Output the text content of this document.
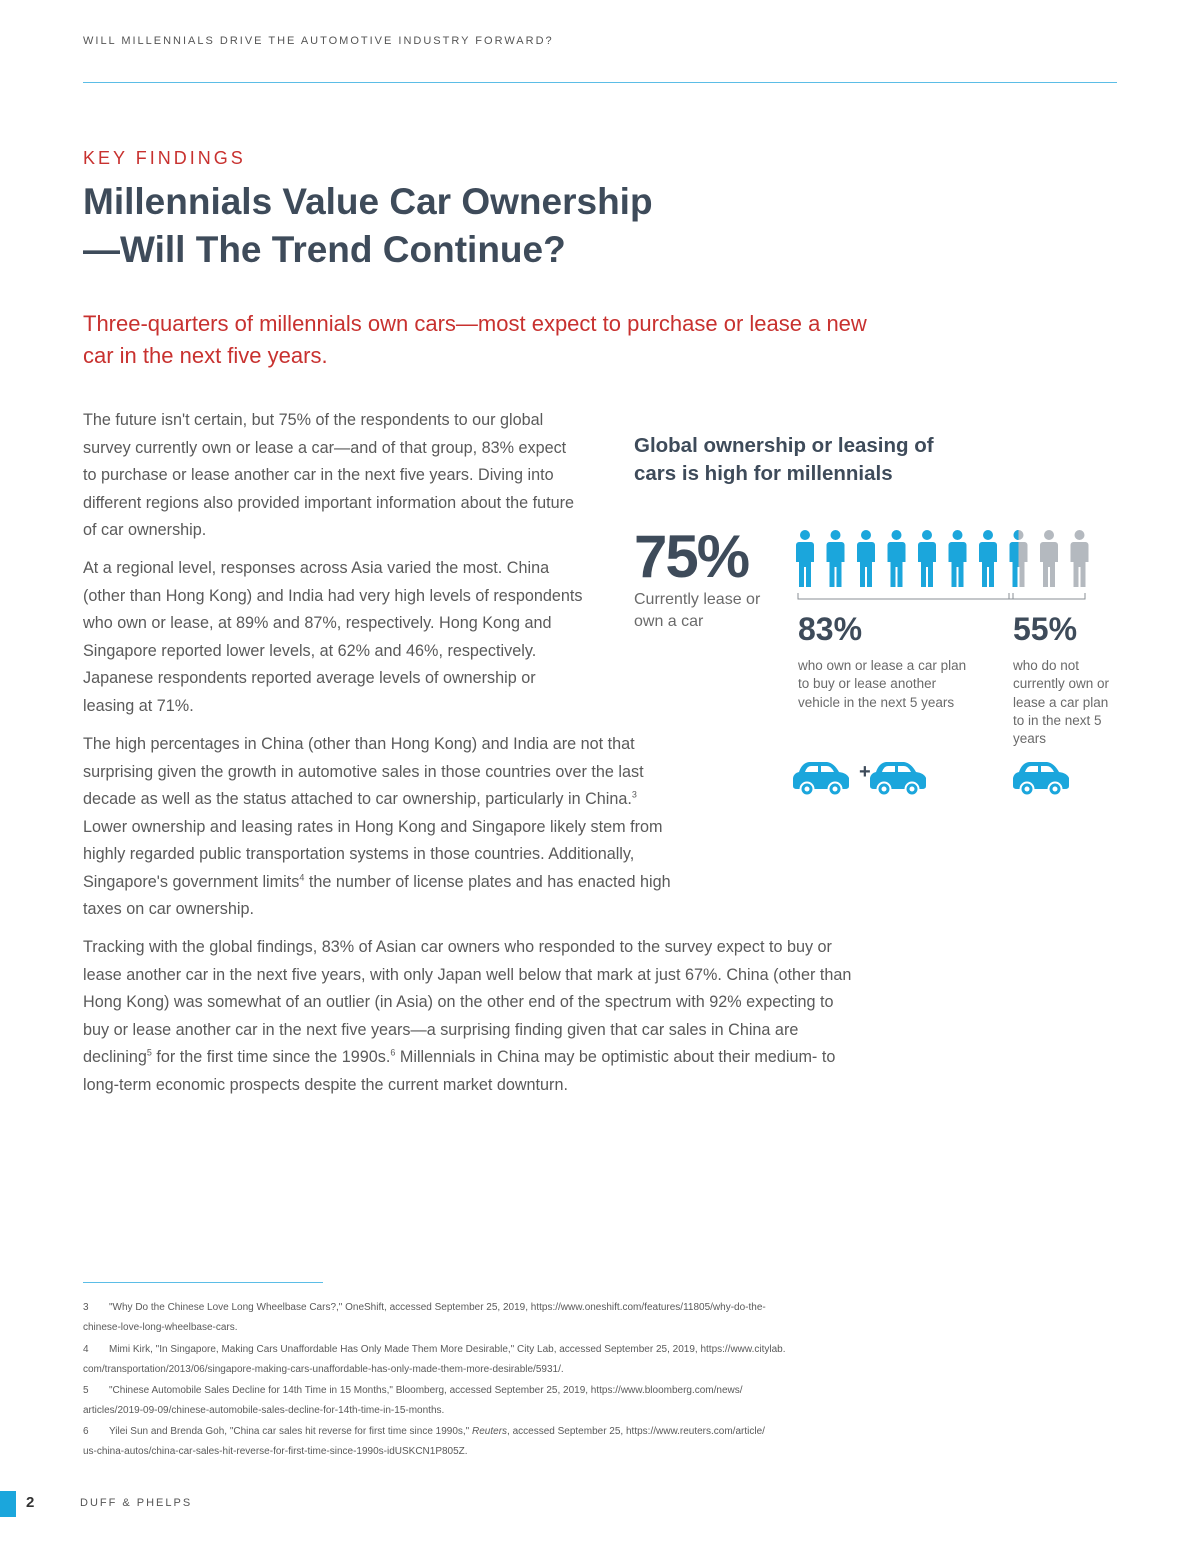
WILL MILLENNIALS DRIVE THE AUTOMOTIVE INDUSTRY FORWARD?
KEY FINDINGS
Millennials Value Car Ownership
—Will The Trend Continue?
Three-quarters of millennials own cars—most expect to purchase or lease a new car in the next five years.

The future isn't certain, but 75% of the respondents to our global survey currently own or lease a car—and of that group, 83% expect to purchase or lease another car in the next five years. Diving into different regions also provided important information about the future of car ownership.

At a regional level, responses across Asia varied the most. China (other than Hong Kong) and India had very high levels of respondents who own or lease, at 89% and 87%, respectively. Hong Kong and Singapore reported lower levels, at 62% and 46%, respectively. Japanese respondents reported average levels of ownership or leasing at 71%.

The high percentages in China (other than Hong Kong) and India are not that surprising given the growth in automotive sales in those countries over the last decade as well as the status attached to car ownership, particularly in China.$^3$ Lower ownership and leasing rates in Hong Kong and Singapore likely stem from highly regarded public transportation systems in those countries. Additionally, Singapore's government limits$^4$ the number of license plates and has enacted high taxes on car ownership.

Tracking with the global findings, 83% of Asian car owners who responded to the survey expect to buy or lease another car in the next five years, with only Japan well below that mark at just 67%. China (other than Hong Kong) was somewhat of an outlier (in Asia) on the other end of the spectrum with 92% expecting to buy or lease another car in the next five years—a surprising finding given that car sales in China are declining$^5$ for the first time since the 1990s.$^6$ Millennials in China may be optimistic about their medium- to long-term economic prospects despite the current market downturn.

Global ownership or leasing of cars is high for millennials
75%
Currently lease or own a car	83%
who own or lease a car plan to buy or lease another vehicle in the next 5 years
55%
who do not currently own or lease a car plan to in the next 5 years
+
3 "Why Do the Chinese Love Long Wheelbase Cars?," OneShift, accessed September 25, 2019, https://www.oneshift.com/features/11805/why-do-the-
chinese-love-long-wheelbase-cars.
4 Mimi Kirk, "In Singapore, Making Cars Unaffordable Has Only Made Them More Desirable," City Lab, accessed September 25, 2019, https://www.citylab.
com/transportation/2013/06/singapore-making-cars-unaffordable-has-only-made-them-more-desirable/5931/.
5 "Chinese Automobile Sales Decline for 14th Time in 15 Months," Bloomberg, accessed September 25, 2019, https://www.bloomberg.com/news/
articles/2019-09-09/chinese-automobile-sales-decline-for-14th-time-in-15-months.
6 Yilei Sun and Brenda Goh, "China car sales hit reverse for first time since 1990s," Reuters, accessed September 25, https://www.reuters.com/article/
us-china-autos/china-car-sales-hit-reverse-for-first-time-since-1990s-idUSKCN1P805Z.
2	DUFF & PHELPS
